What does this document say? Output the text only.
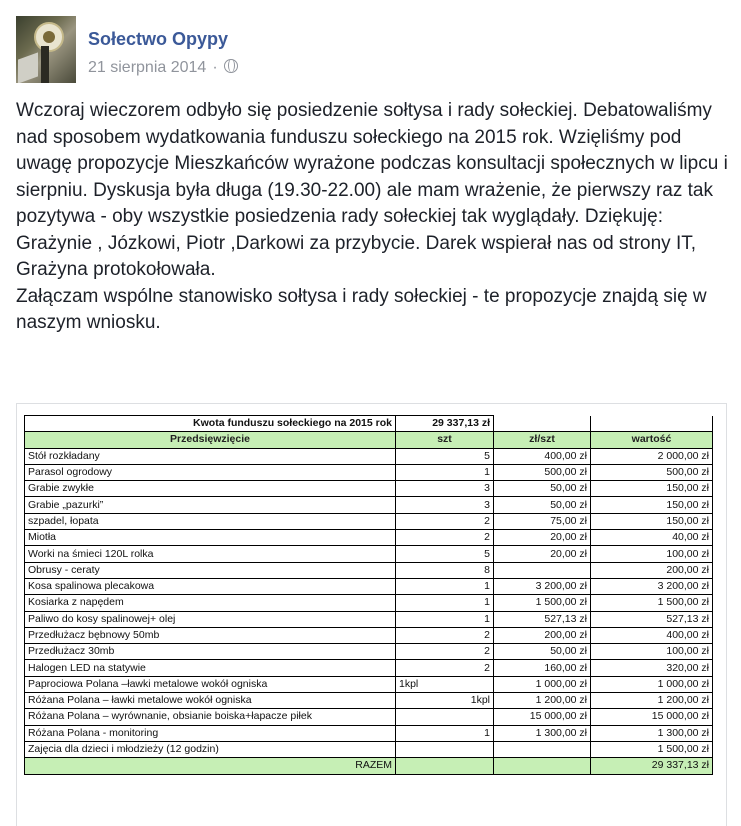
Sołectwo Opypy
21 sierpnia 2014 ·

Wczoraj wieczorem odbyło się posiedzenie sołtysa i rady sołeckiej. Debatowaliśmy nad sposobem wydatkowania funduszu sołeckiego na 2015 rok. Wzięliśmy pod uwagę propozycje Mieszkańców wyrażone podczas konsultacji społecznych w lipcu i sierpniu. Dyskusja była długa (19.30-22.00) ale mam wrażenie, że pierwszy raz tak pozytywa - oby wszystkie posiedzenia rady sołeckiej tak wyglądały. Dziękuję: Grażynie , Józkowi, Piotr ,Darkowi za przybycie. Darek wspierał nas od strony IT, Grażyna protokołowała.
Załączam wspólne stanowisko sołtysa i rady sołeckiej - te propozycje znajdą się w naszym wniosku.

Kwota funduszu sołeckiego na 2015 rok	29 337,13 zł		
Przedsięwzięcie	szt	zł/szt	wartość
Stół rozkładany	5	400,00 zł	2 000,00 zł
Parasol ogrodowy	1	500,00 zł	500,00 zł
Grabie zwykłe	3	50,00 zł	150,00 zł
Grabie „pazurki”	3	50,00 zł	150,00 zł
szpadel, łopata	2	75,00 zł	150,00 zł
Miotła	2	20,00 zł	40,00 zł
Worki na śmieci 120L rolka	5	20,00 zł	100,00 zł
Obrusy - ceraty	8		200,00 zł
Kosa spalinowa plecakowa	1	3 200,00 zł	3 200,00 zł
Kosiarka z napędem	1	1 500,00 zł	1 500,00 zł
Paliwo do kosy spalinowej+ olej	1	527,13 zł	527,13 zł
Przedłużacz bębnowy 50mb	2	200,00 zł	400,00 zł
Przedłużacz 30mb	2	50,00 zł	100,00 zł
Halogen LED na statywie	2	160,00 zł	320,00 zł
Paprociowa Polana –ławki metalowe wokół ogniska	1kpl	1 000,00 zł	1 000,00 zł
Różana Polana – ławki metalowe wokół ogniska	1kpl	1 200,00 zł	1 200,00 zł
Różana Polana – wyrównanie, obsianie boiska+łapacze piłek		15 000,00 zł	15 000,00 zł
Różana Polana - monitoring	1	1 300,00 zł	1 300,00 zł
Zajęcia dla dzieci i młodzieży (12 godzin)			1 500,00 zł
RAZEM			29 337,13 zł
